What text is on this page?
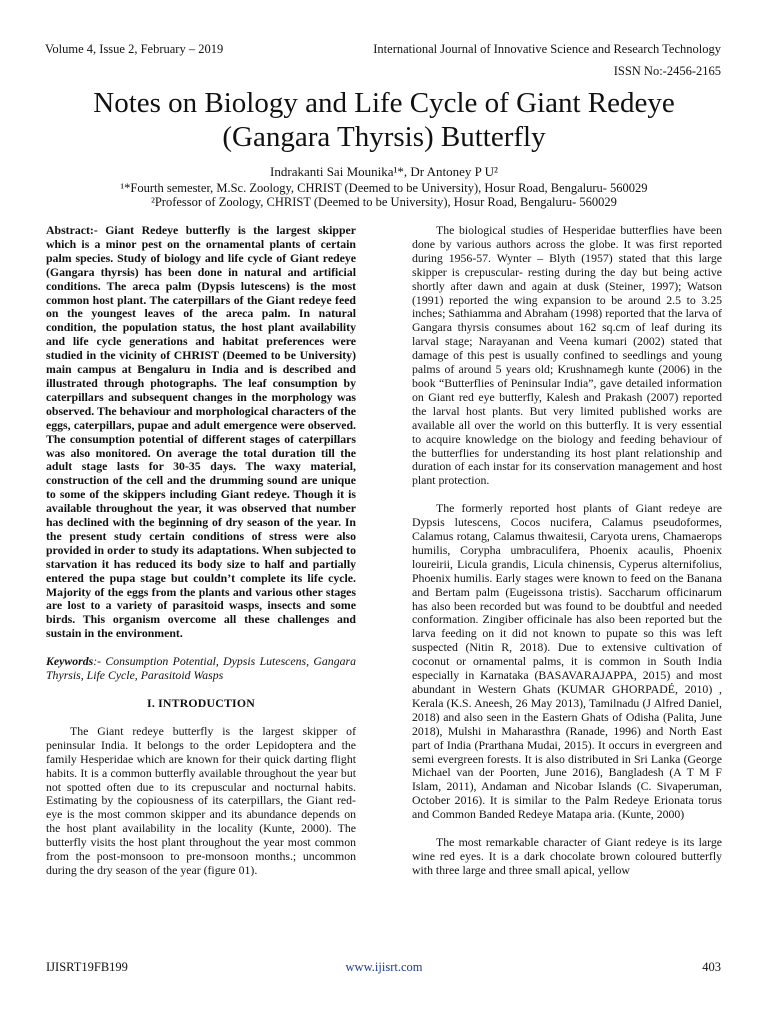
Volume 4, Issue 2, February – 2019	International Journal of Innovative Science and Research Technology
ISSN No:-2456-2165
Notes on Biology and Life Cycle of Giant Redeye (Gangara Thyrsis) Butterfly
Indrakanti Sai Mounika¹*, Dr Antoney P U²
¹*Fourth semester, M.Sc. Zoology, CHRIST (Deemed to be University), Hosur Road, Bengaluru- 560029
²Professor of Zoology, CHRIST (Deemed to be University), Hosur Road, Bengaluru- 560029

Abstract:- Giant Redeye butterfly is the largest skipper which is a minor pest on the ornamental plants of certain palm species. Study of biology and life cycle of Giant redeye (Gangara thyrsis) has been done in natural and artificial conditions. The areca palm (Dypsis lutescens) is the most common host plant. The caterpillars of the Giant redeye feed on the youngest leaves of the areca palm. In natural condition, the population status, the host plant availability and life cycle generations and habitat preferences were studied in the vicinity of CHRIST (Deemed to be University) main campus at Bengaluru in India and is described and illustrated through photographs. The leaf consumption by caterpillars and subsequent changes in the morphology was observed. The behaviour and morphological characters of the eggs, caterpillars, pupae and adult emergence were observed. The consumption potential of different stages of caterpillars was also monitored. On average the total duration till the adult stage lasts for 30-35 days. The waxy material, construction of the cell and the drumming sound are unique to some of the skippers including Giant redeye. Though it is available throughout the year, it was observed that number has declined with the beginning of dry season of the year. In the present study certain conditions of stress were also provided in order to study its adaptations. When subjected to starvation it has reduced its body size to half and partially entered the pupa stage but couldn’t complete its life cycle. Majority of the eggs from the plants and various other stages are lost to a variety of parasitoid wasps, insects and some birds. This organism overcome all these challenges and sustain in the environment.

Keywords:- Consumption Potential, Dypsis Lutescens, Gangara Thyrsis, Life Cycle, Parasitoid Wasps

I. INTRODUCTION

The Giant redeye butterfly is the largest skipper of peninsular India. It belongs to the order Lepidoptera and the family Hesperidae which are known for their quick darting flight habits. It is a common butterfly available throughout the year but not spotted often due to its crepuscular and nocturnal habits. Estimating by the copiousness of its caterpillars, the Giant red-eye is the most common skipper and its abundance depends on the host plant availability in the locality (Kunte, 2000). The butterfly visits the host plant throughout the year most common from the post-monsoon to pre-monsoon months.; uncommon during the dry season of the year (figure 01).

The biological studies of Hesperidae butterflies have been done by various authors across the globe. It was first reported during 1956-57. Wynter – Blyth (1957) stated that this large skipper is crepuscular- resting during the day but being active shortly after dawn and again at dusk (Steiner, 1997); Watson (1991) reported the wing expansion to be around 2.5 to 3.25 inches; Sathiamma and Abraham (1998) reported that the larva of Gangara thyrsis consumes about 162 sq.cm of leaf during its larval stage; Narayanan and Veena kumari (2002) stated that damage of this pest is usually confined to seedlings and young palms of around 5 years old; Krushnamegh kunte (2006) in the book “Butterflies of Peninsular India”, gave detailed information on Giant red eye butterfly, Kalesh and Prakash (2007) reported the larval host plants. But very limited published works are available all over the world on this butterfly. It is very essential to acquire knowledge on the biology and feeding behaviour of the butterflies for understanding its host plant relationship and duration of each instar for its conservation management and host plant protection.

The formerly reported host plants of Giant redeye are Dypsis lutescens, Cocos nucifera, Calamus pseudoformes, Calamus rotang, Calamus thwaitesii, Caryota urens, Chamaerops humilis, Corypha umbraculifera, Phoenix acaulis, Phoenix loureirii, Licula grandis, Licula chinensis, Cyperus alternifolius, Phoenix humilis. Early stages were known to feed on the Banana and Bertam palm (Eugeissona tristis). Saccharum officinarum has also been recorded but was found to be doubtful and needed conformation. Zingiber officinale has also been reported but the larva feeding on it did not known to pupate so this was left suspected (Nitin R, 2018). Due to extensive cultivation of coconut or ornamental palms, it is common in South India especially in Karnataka (BASAVARAJAPPA, 2015) and most abundant in Western Ghats (KUMAR GHORPADÉ, 2010) , Kerala (K.S. Aneesh, 26 May 2013), Tamilnadu (J Alfred Daniel, 2018) and also seen in the Eastern Ghats of Odisha (Palita, June 2018), Mulshi in Maharasthra (Ranade, 1996) and North East part of India (Prarthana Mudai, 2015). It occurs in evergreen and semi evergreen forests. It is also distributed in Sri Lanka (George Michael van der Poorten, June 2016), Bangladesh (A T M F Islam, 2011), Andaman and Nicobar Islands (C. Sivaperuman, October 2016). It is similar to the Palm Redeye Erionata torus and Common Banded Redeye Matapa aria. (Kunte, 2000)

The most remarkable character of Giant redeye is its large wine red eyes. It is a dark chocolate brown coloured butterfly with three large and three small apical, yellow

IJISRT19FB199	www.ijisrt.com	403
